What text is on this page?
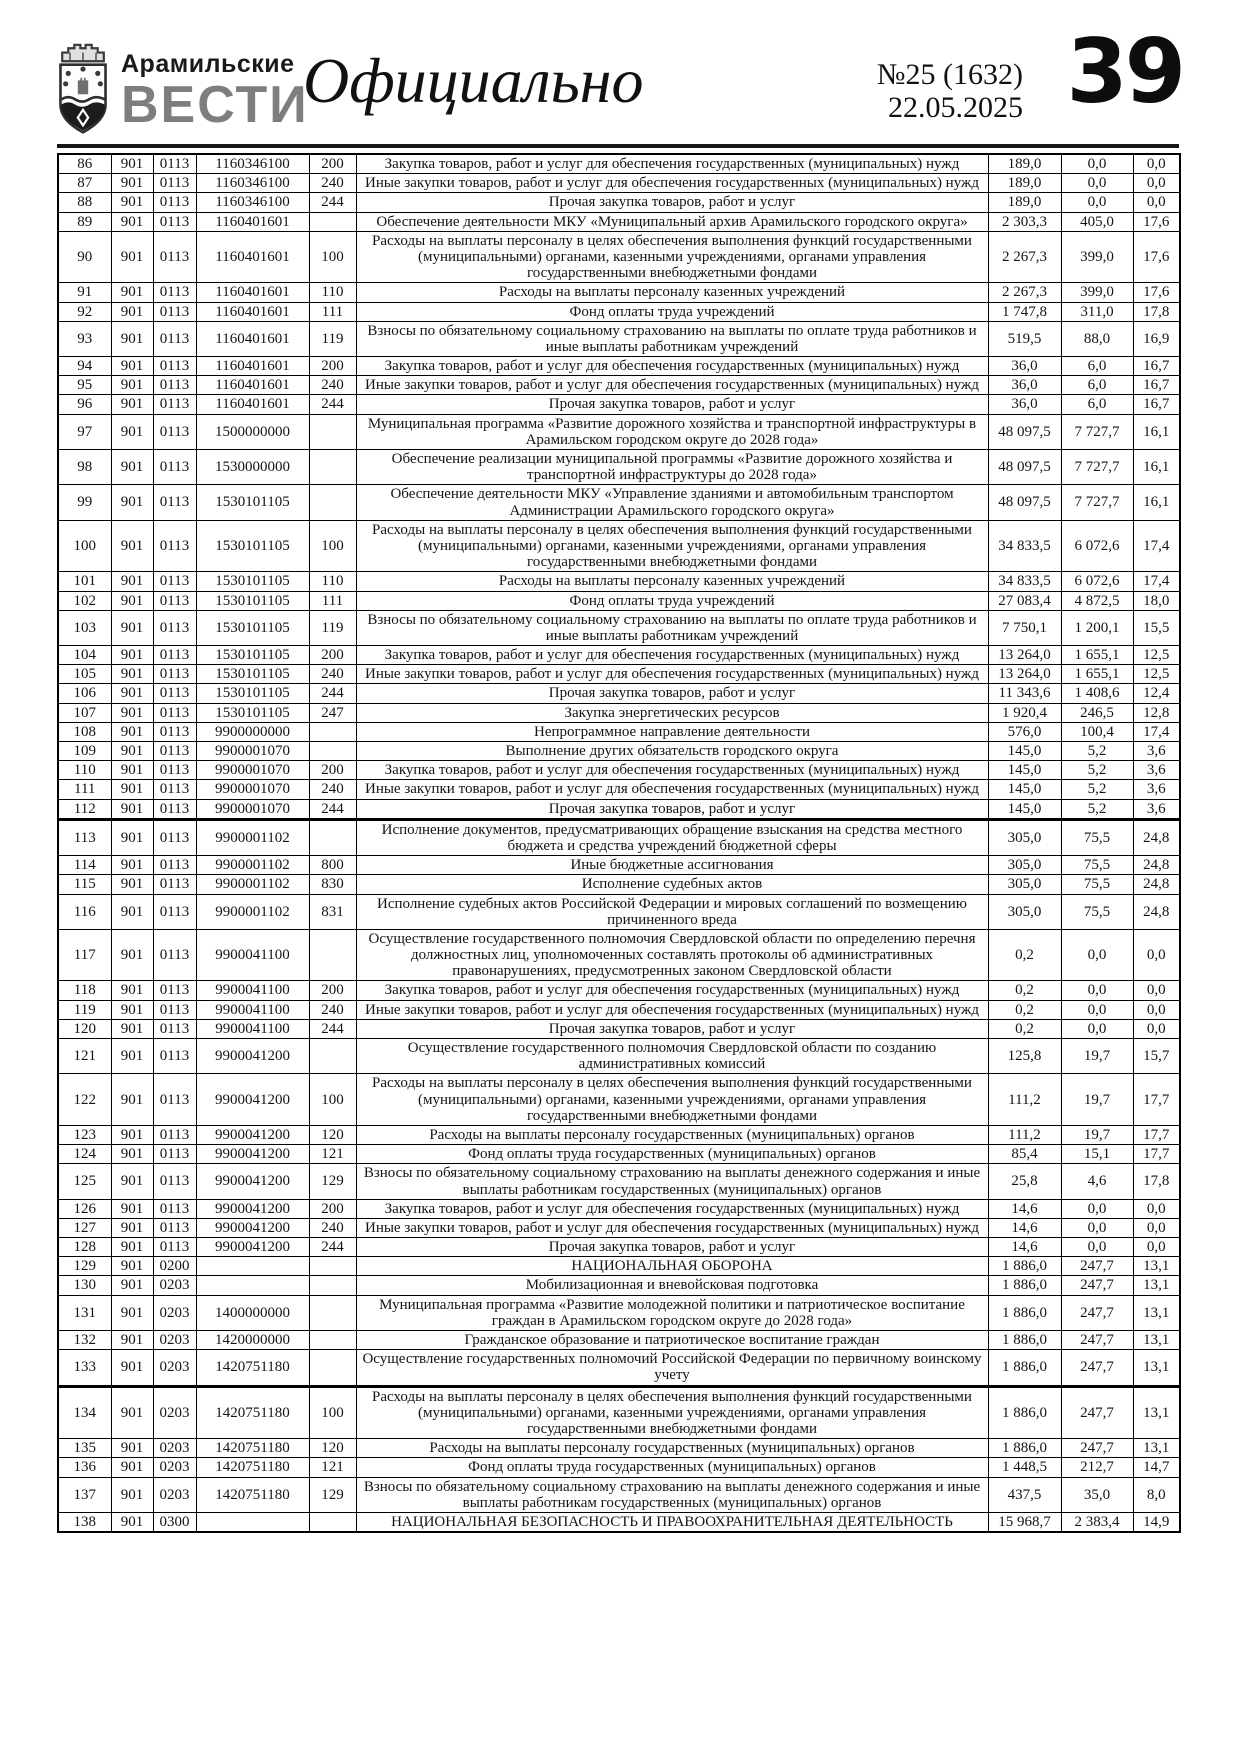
Арамильские
ВЕСТИ
Официально	№25 (1632)
22.05.2025 39
86	901	0113	1160346100	200	Закупка товаров, работ и услуг для обеспечения государственных (муниципальных) нужд	189,0	0,0	0,0
87	901	0113	1160346100	240	Иные закупки товаров, работ и услуг для обеспечения государственных (муниципальных) нужд	189,0	0,0	0,0
88	901	0113	1160346100	244	Прочая закупка товаров, работ и услуг	189,0	0,0	0,0
89	901	0113	1160401601		Обеспечение деятельности МКУ «Муниципальный архив Арамильского городского округа»	2 303,3	405,0	17,6
90	901	0113	1160401601	100	Расходы на выплаты персоналу в целях обеспечения выполнения функций государственными (муниципальными) органами, казенными учреждениями, органами управления государственными внебюджетными фондами	2 267,3	399,0	17,6
91	901	0113	1160401601	110	Расходы на выплаты персоналу казенных учреждений	2 267,3	399,0	17,6
92	901	0113	1160401601	111	Фонд оплаты труда учреждений	1 747,8	311,0	17,8
93	901	0113	1160401601	119	Взносы по обязательному социальному страхованию на выплаты по оплате труда работников и иные выплаты работникам учреждений	519,5	88,0	16,9
94	901	0113	1160401601	200	Закупка товаров, работ и услуг для обеспечения государственных (муниципальных) нужд	36,0	6,0	16,7
95	901	0113	1160401601	240	Иные закупки товаров, работ и услуг для обеспечения государственных (муниципальных) нужд	36,0	6,0	16,7
96	901	0113	1160401601	244	Прочая закупка товаров, работ и услуг	36,0	6,0	16,7
97	901	0113	1500000000		Муниципальная программа «Развитие дорожного хозяйства и транспортной инфраструктуры в Арамильском городском округе до 2028 года»	48 097,5	7 727,7	16,1
98	901	0113	1530000000		Обеспечение реализации муниципальной программы «Развитие дорожного хозяйства и транспортной инфраструктуры до 2028 года»	48 097,5	7 727,7	16,1
99	901	0113	1530101105		Обеспечение деятельности МКУ «Управление зданиями и автомобильным транспортом Администрации Арамильского городского округа»	48 097,5	7 727,7	16,1
100	901	0113	1530101105	100	Расходы на выплаты персоналу в целях обеспечения выполнения функций государственными (муниципальными) органами, казенными учреждениями, органами управления государственными внебюджетными фондами	34 833,5	6 072,6	17,4
101	901	0113	1530101105	110	Расходы на выплаты персоналу казенных учреждений	34 833,5	6 072,6	17,4
102	901	0113	1530101105	111	Фонд оплаты труда учреждений	27 083,4	4 872,5	18,0
103	901	0113	1530101105	119	Взносы по обязательному социальному страхованию на выплаты по оплате труда работников и иные выплаты работникам учреждений	7 750,1	1 200,1	15,5
104	901	0113	1530101105	200	Закупка товаров, работ и услуг для обеспечения государственных (муниципальных) нужд	13 264,0	1 655,1	12,5
105	901	0113	1530101105	240	Иные закупки товаров, работ и услуг для обеспечения государственных (муниципальных) нужд	13 264,0	1 655,1	12,5
106	901	0113	1530101105	244	Прочая закупка товаров, работ и услуг	11 343,6	1 408,6	12,4
107	901	0113	1530101105	247	Закупка энергетических ресурсов	1 920,4	246,5	12,8
108	901	0113	9900000000		Непрограммное направление деятельности	576,0	100,4	17,4
109	901	0113	9900001070		Выполнение других обязательств городского округа	145,0	5,2	3,6
110	901	0113	9900001070	200	Закупка товаров, работ и услуг для обеспечения государственных (муниципальных) нужд	145,0	5,2	3,6
111	901	0113	9900001070	240	Иные закупки товаров, работ и услуг для обеспечения государственных (муниципальных) нужд	145,0	5,2	3,6
112	901	0113	9900001070	244	Прочая закупка товаров, работ и услуг	145,0	5,2	3,6
113	901	0113	9900001102		Исполнение документов, предусматривающих обращение взыскания на средства местного бюджета и средства учреждений бюджетной сферы	305,0	75,5	24,8
114	901	0113	9900001102	800	Иные бюджетные ассигнования	305,0	75,5	24,8
115	901	0113	9900001102	830	Исполнение судебных актов	305,0	75,5	24,8
116	901	0113	9900001102	831	Исполнение судебных актов Российской Федерации и мировых соглашений по возмещению причиненного вреда	305,0	75,5	24,8
117	901	0113	9900041100		Осуществление государственного полномочия Свердловской области по определению перечня должностных лиц, уполномоченных составлять протоколы об административных правонарушениях, предусмотренных законом Свердловской области	0,2	0,0	0,0
118	901	0113	9900041100	200	Закупка товаров, работ и услуг для обеспечения государственных (муниципальных) нужд	0,2	0,0	0,0
119	901	0113	9900041100	240	Иные закупки товаров, работ и услуг для обеспечения государственных (муниципальных) нужд	0,2	0,0	0,0
120	901	0113	9900041100	244	Прочая закупка товаров, работ и услуг	0,2	0,0	0,0
121	901	0113	9900041200		Осуществление государственного полномочия Свердловской области по созданию административных комиссий	125,8	19,7	15,7
122	901	0113	9900041200	100	Расходы на выплаты персоналу в целях обеспечения выполнения функций государственными (муниципальными) органами, казенными учреждениями, органами управления государственными внебюджетными фондами	111,2	19,7	17,7
123	901	0113	9900041200	120	Расходы на выплаты персоналу государственных (муниципальных) органов	111,2	19,7	17,7
124	901	0113	9900041200	121	Фонд оплаты труда государственных (муниципальных) органов	85,4	15,1	17,7
125	901	0113	9900041200	129	Взносы по обязательному социальному страхованию на выплаты денежного содержания и иные выплаты работникам государственных (муниципальных) органов	25,8	4,6	17,8
126	901	0113	9900041200	200	Закупка товаров, работ и услуг для обеспечения государственных (муниципальных) нужд	14,6	0,0	0,0
127	901	0113	9900041200	240	Иные закупки товаров, работ и услуг для обеспечения государственных (муниципальных) нужд	14,6	0,0	0,0
128	901	0113	9900041200	244	Прочая закупка товаров, работ и услуг	14,6	0,0	0,0
129	901	0200			НАЦИОНАЛЬНАЯ ОБОРОНА	1 886,0	247,7	13,1
130	901	0203			Мобилизационная и вневойсковая подготовка	1 886,0	247,7	13,1
131	901	0203	1400000000		Муниципальная программа «Развитие молодежной политики и патриотическое воспитание граждан в Арамильском городском округе до 2028 года»	1 886,0	247,7	13,1
132	901	0203	1420000000		Гражданское образование и патриотическое воспитание граждан	1 886,0	247,7	13,1
133	901	0203	1420751180		Осуществление государственных полномочий Российской Федерации по первичному воинскому учету	1 886,0	247,7	13,1
134	901	0203	1420751180	100	Расходы на выплаты персоналу в целях обеспечения выполнения функций государственными (муниципальными) органами, казенными учреждениями, органами управления государственными внебюджетными фондами	1 886,0	247,7	13,1
135	901	0203	1420751180	120	Расходы на выплаты персоналу государственных (муниципальных) органов	1 886,0	247,7	13,1
136	901	0203	1420751180	121	Фонд оплаты труда государственных (муниципальных) органов	1 448,5	212,7	14,7
137	901	0203	1420751180	129	Взносы по обязательному социальному страхованию на выплаты денежного содержания и иные выплаты работникам государственных (муниципальных) органов	437,5	35,0	8,0
138	901	0300			НАЦИОНАЛЬНАЯ БЕЗОПАСНОСТЬ И ПРАВООХРАНИТЕЛЬНАЯ ДЕЯТЕЛЬНОСТЬ	15 968,7	2 383,4	14,9
